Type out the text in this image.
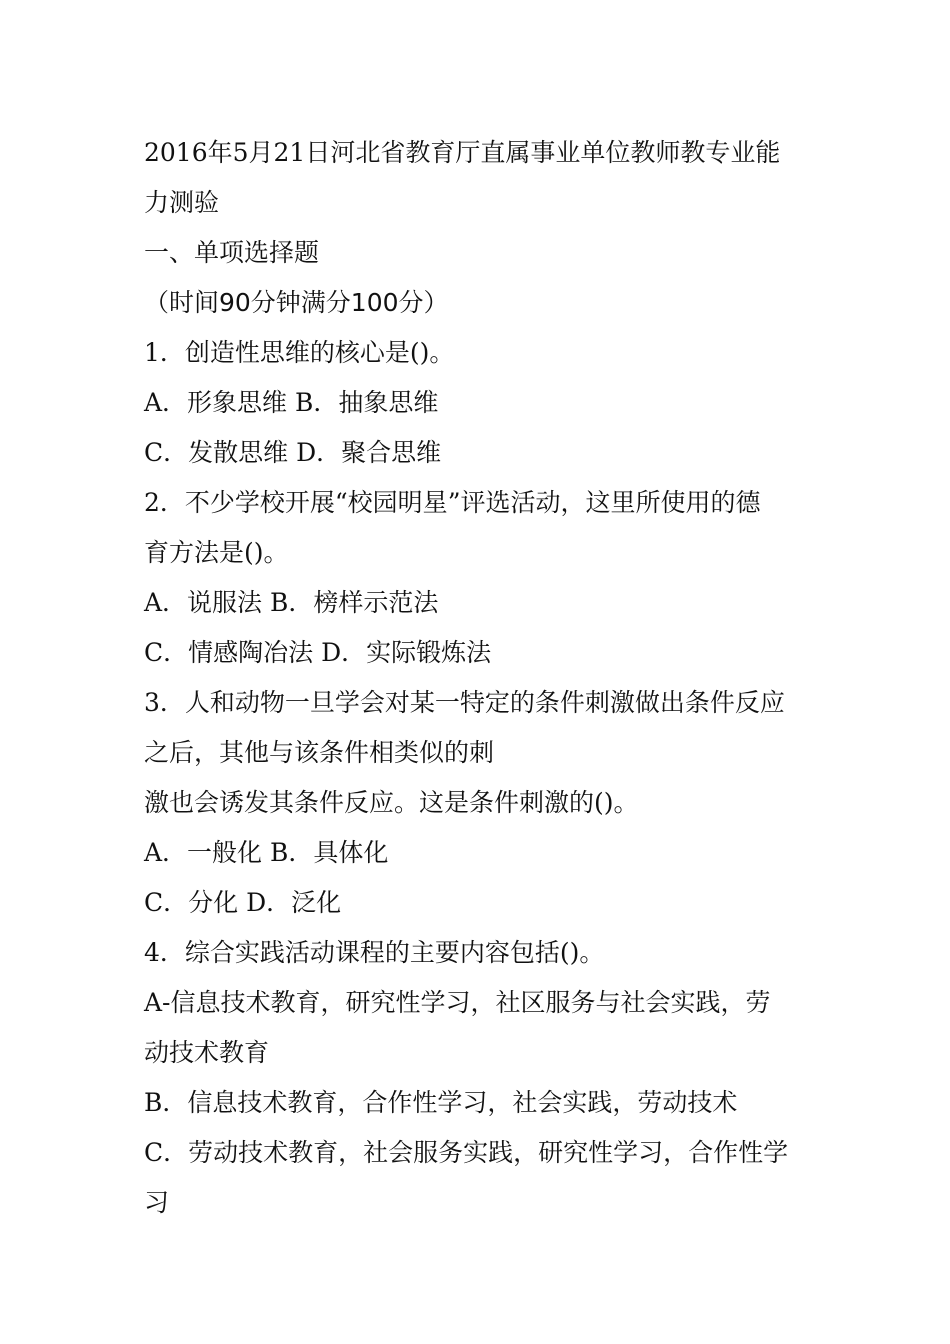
2016年5月21日河北省教育厅直属事业单位教师教专业能

力测验

一、单项选择题

（时间90分钟满分100分）

1．创造性思维的核心是()。

A．形象思维 B．抽象思维

C．发散思维 D．聚合思维

2．不少学校开展“校园明星”评选活动，这里所使用的德

育方法是()。

A．说服法 B．榜样示范法

C．情感陶冶法 D．实际锻炼法

3．人和动物一旦学会对某一特定的条件刺激做出条件反应

之后，其他与该条件相类似的刺

激也会诱发其条件反应。这是条件刺激的()。

A．一般化 B．具体化

C．分化 D．泛化

4．综合实践活动课程的主要内容包括()。

A-信息技术教育，研究性学习，社区服务与社会实践，劳

动技术教育

B．信息技术教育，合作性学习，社会实践，劳动技术

C．劳动技术教育，社会服务实践，研究性学习，合作性学

习
